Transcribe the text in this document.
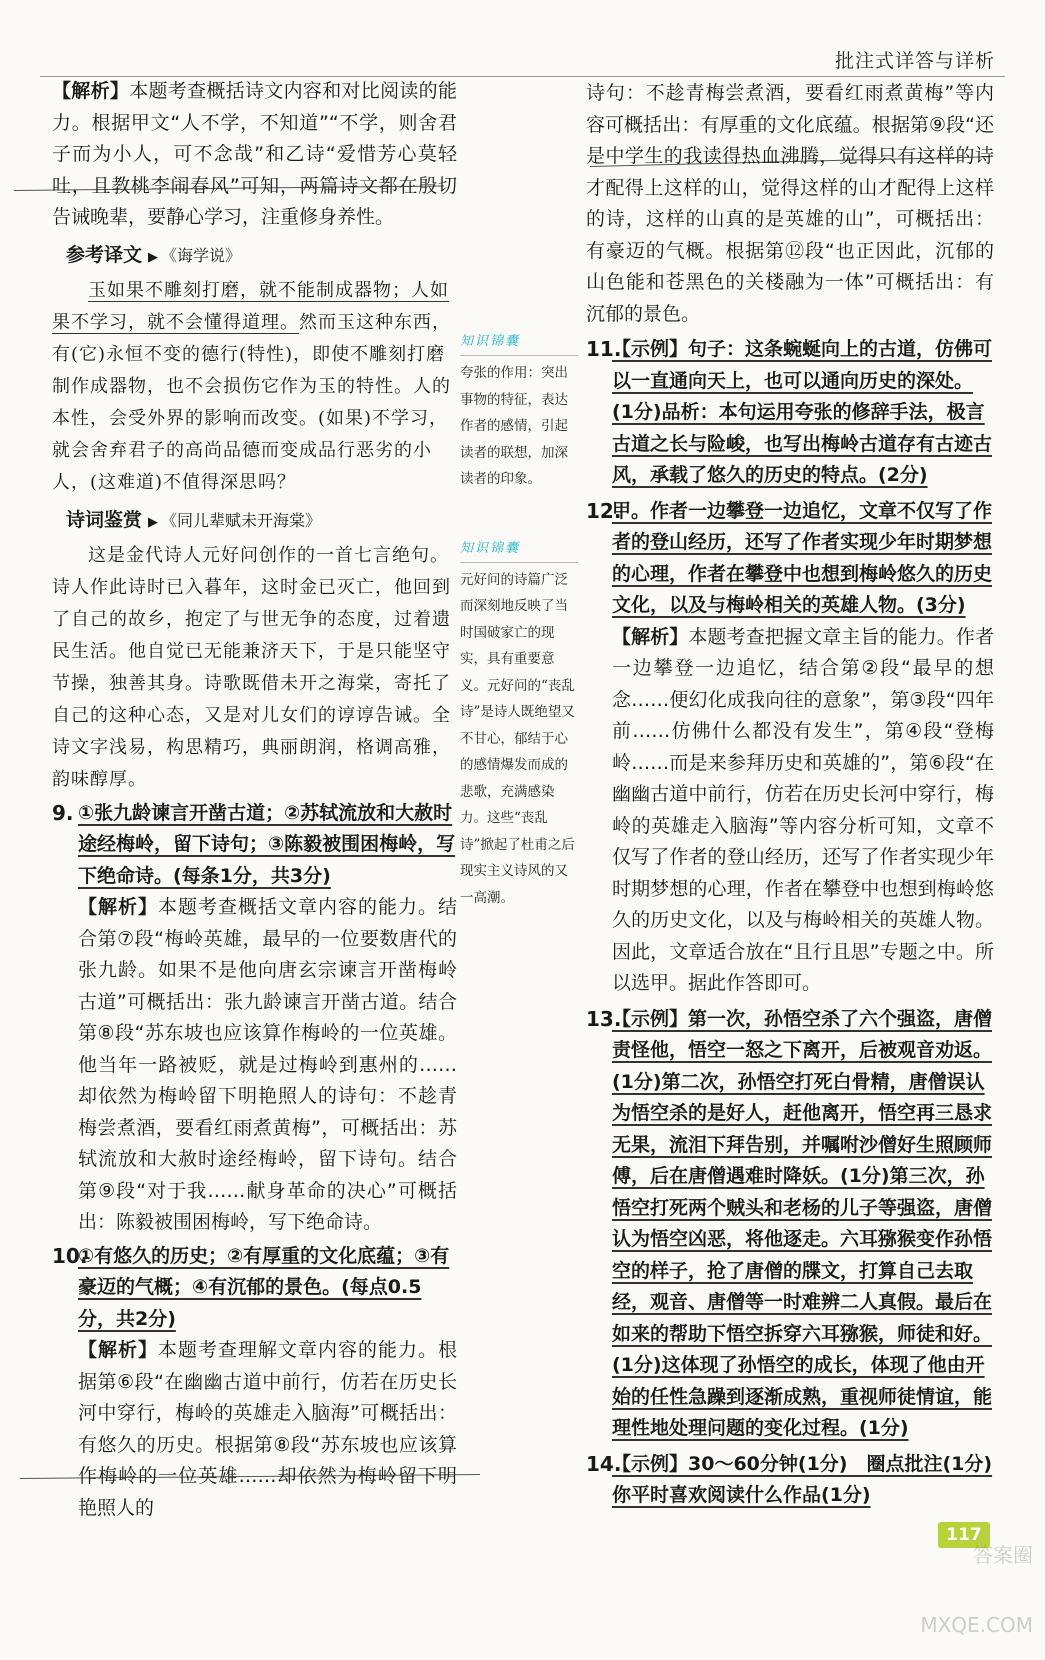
批注式详答与详析

【解析】本题考查概括诗文内容和对比阅读的能力。根据甲文“人不学，不知道”“不学，则舍君子而为小人，可不念哉”和乙诗“爱惜芳心莫轻吐，且教桃李闹春风”可知，两篇诗文都在殷切告诫晚辈，要静心学习，注重修身养性。

参考译文 ▶ 《诲学说》

玉如果不雕刻打磨，就不能制成器物；人如果不学习，就不会懂得道理。然而玉这种东西，有(它)永恒不变的德行(特性)，即使不雕刻打磨制作成器物，也不会损伤它作为玉的特性。人的本性，会受外界的影响而改变。(如果)不学习，就会舍弃君子的高尚品德而变成品行恶劣的小人，(这难道)不值得深思吗？

诗词鉴赏 ▶ 《同儿辈赋未开海棠》

这是金代诗人元好问创作的一首七言绝句。诗人作此诗时已入暮年，这时金已灭亡，他回到了自己的故乡，抱定了与世无争的态度，过着遗民生活。他自觉已无能兼济天下，于是只能坚守节操，独善其身。诗歌既借未开之海棠，寄托了自己的这种心态，又是对儿女们的谆谆告诫。全诗文字浅易，构思精巧，典丽朗润，格调高雅，韵味醇厚。

9. ①张九龄谏言开凿古道；②苏轼流放和大赦时途经梅岭，留下诗句；③陈毅被围困梅岭，写下绝命诗。(每条1分，共3分)

【解析】本题考查概括文章内容的能力。结合第⑦段“梅岭英雄，最早的一位要数唐代的张九龄。如果不是他向唐玄宗谏言开凿梅岭古道”可概括出：张九龄谏言开凿古道。结合第⑧段“苏东坡也应该算作梅岭的一位英雄。他当年一路被贬，就是过梅岭到惠州的……却依然为梅岭留下明艳照人的诗句：不趁青梅尝煮酒，要看红雨煮黄梅”，可概括出：苏轼流放和大赦时途经梅岭，留下诗句。结合第⑨段“对于我……献身革命的决心”可概括出：陈毅被围困梅岭，写下绝命诗。

10.

①有悠久的历史；②有厚重的文化底蕴；③有豪迈的气概；④有沉郁的景色。(每点0.5分，共2分)

【解析】本题考查理解文章内容的能力。根据第⑥段“在幽幽古道中前行，仿若在历史长河中穿行，梅岭的英雄走入脑海”可概括出：有悠久的历史。根据第⑧段“苏东坡也应该算作梅岭的一位英雄……却依然为梅岭留下明艳照人的

知识锦囊

夸张的作用：突出事物的特征，表达作者的感情，引起读者的联想，加深读者的印象。

知识锦囊

元好问的诗篇广泛而深刻地反映了当时国破家亡的现实，具有重要意义。元好问的“丧乱诗”是诗人既绝望又不甘心，郁结于心的感情爆发而成的悲歌，充满感染力。这些“丧乱诗”掀起了杜甫之后现实主义诗风的又一高潮。

诗句：不趁青梅尝煮酒，要看红雨煮黄梅”等内容可概括出：有厚重的文化底蕴。根据第⑨段“还是中学生的我读得热血沸腾，觉得只有这样的诗才配得上这样的山，觉得这样的山才配得上这样的诗，这样的山真的是英雄的山”，可概括出：有豪迈的气概。根据第⑫段“也正因此，沉郁的山色能和苍黑色的关楼融为一体”可概括出：有沉郁的景色。

11.

【示例】句子：这条蜿蜒向上的古道，仿佛可以一直通向天上，也可以通向历史的深处。(1分)品析：本句运用夸张的修辞手法，极言古道之长与险峻，也写出梅岭古道存有古迹古风，承载了悠久的历史的特点。(2分)

12.

甲。作者一边攀登一边追忆，文章不仅写了作者的登山经历，还写了作者实现少年时期梦想的心理，作者在攀登中也想到梅岭悠久的历史文化，以及与梅岭相关的英雄人物。(3分)

【解析】本题考查把握文章主旨的能力。作者一边攀登一边追忆，结合第②段“最早的想念……便幻化成我向往的意象”，第③段“四年前……仿佛什么都没有发生”，第④段“登梅岭……而是来参拜历史和英雄的”，第⑥段“在幽幽古道中前行，仿若在历史长河中穿行，梅岭的英雄走入脑海”等内容分析可知，文章不仅写了作者的登山经历，还写了作者实现少年时期梦想的心理，作者在攀登中也想到梅岭悠久的历史文化，以及与梅岭相关的英雄人物。因此，文章适合放在“且行且思”专题之中。所以选甲。据此作答即可。

13.

【示例】第一次，孙悟空杀了六个强盗，唐僧责怪他，悟空一怒之下离开，后被观音劝返。(1分)第二次，孙悟空打死白骨精，唐僧误认为悟空杀的是好人，赶他离开，悟空再三恳求无果，流泪下拜告别，并嘱咐沙僧好生照顾师傅，后在唐僧遇难时降妖。(1分)第三次，孙悟空打死两个贼头和老杨的儿子等强盗，唐僧认为悟空凶恶，将他逐走。六耳猕猴变作孙悟空的样子，抢了唐僧的牒文，打算自己去取经，观音、唐僧等一时难辨二人真假。最后在如来的帮助下悟空拆穿六耳猕猴，师徒和好。(1分)这体现了孙悟空的成长，体现了他由开始的任性急躁到逐渐成熟，重视师徒情谊，能理性地处理问题的变化过程。(1分)

14.

【示例】30～60分钟(1分)　圈点批注(1分)你平时喜欢阅读什么作品(1分)

117
答案圈 MXQE.COM
